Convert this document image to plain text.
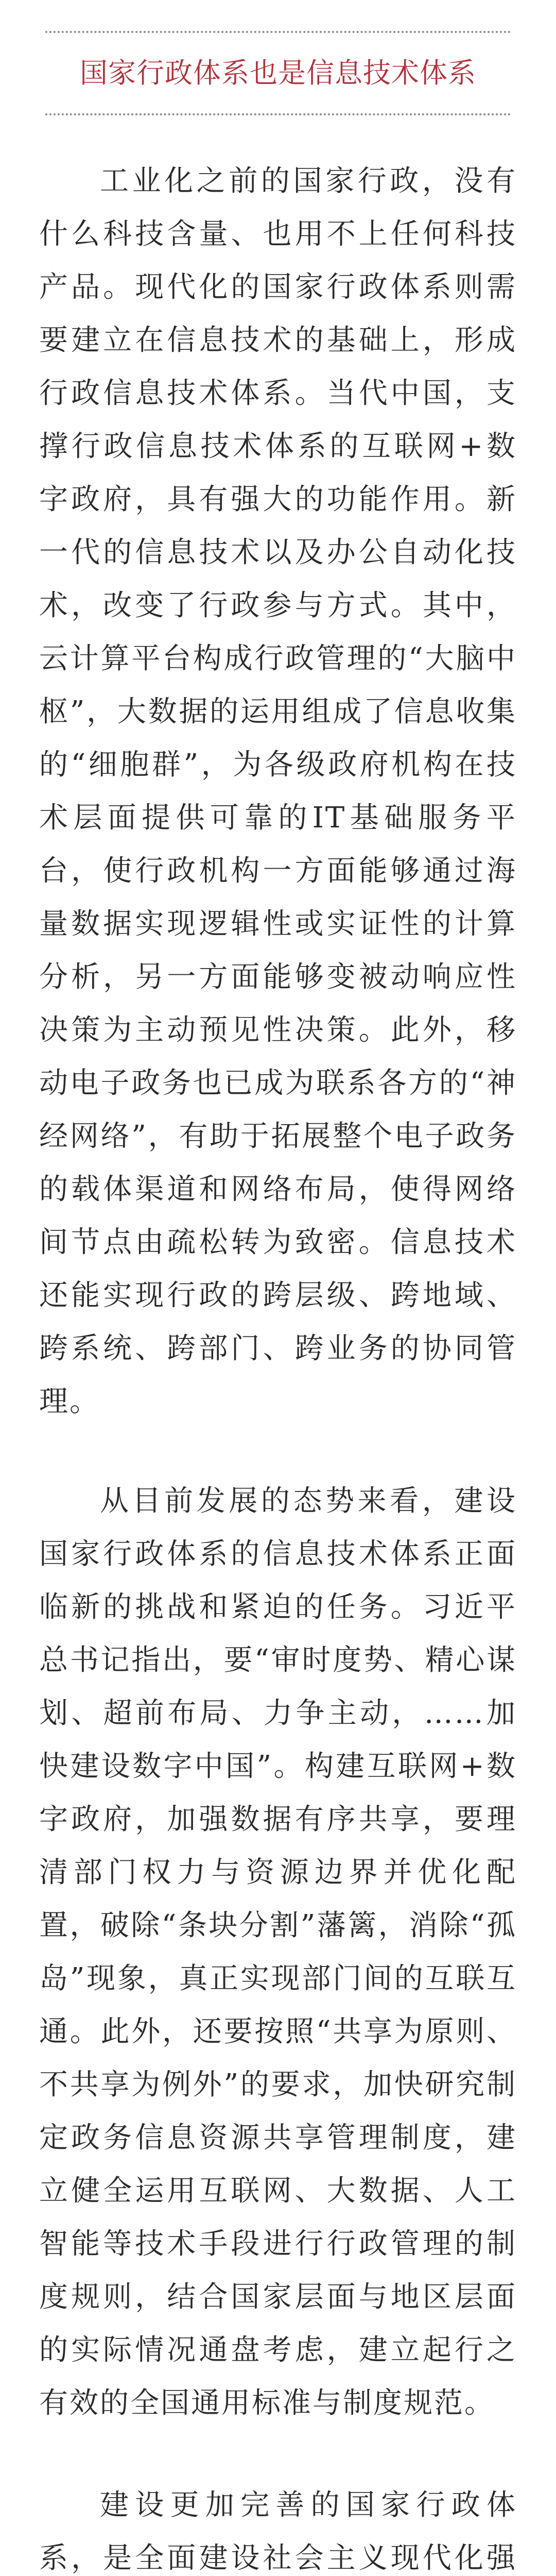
国家行政体系也是信息技术体系

工业化之前的国家行政，没有什么科技含量、也用不上任何科技产品。现代化的国家行政体系则需要建立在信息技术的基础上，形成行政信息技术体系。当代中国，支撑行政信息技术体系的互联网+数字政府，具有强大的功能作用。新一代的信息技术以及办公自动化技术，改变了行政参与方式。其中，云计算平台构成行政管理的“大脑中枢”，大数据的运用组成了信息收集的“细胞群”，为各级政府机构在技术层面提供可靠的IT基础服务平台，使行政机构一方面能够通过海量数据实现逻辑性或实证性的计算分析，另一方面能够变被动响应性决策为主动预见性决策。此外，移动电子政务也已成为联系各方的“神经网络”，有助于拓展整个电子政务的载体渠道和网络布局，使得网络间节点由疏松转为致密。信息技术还能实现行政的跨层级、跨地域、跨系统、跨部门、跨业务的协同管理。

从目前发展的态势来看，建设国家行政体系的信息技术体系正面临新的挑战和紧迫的任务。习近平总书记指出，要“审时度势、精心谋划、超前布局、力争主动，……加快建设数字中国”。构建互联网+数字政府，加强数据有序共享，要理清部门权力与资源边界并优化配置，破除“条块分割”藩篱，消除“孤岛”现象，真正实现部门间的互联互通。此外，还要按照“共享为原则、不共享为例外”的要求，加快研究制定政务信息资源共享管理制度，建立健全运用互联网、大数据、人工智能等技术手段进行行政管理的制度规则，结合国家层面与地区层面的实际情况通盘考虑，建立起行之有效的全国通用标准与制度规范。

建设更加完善的国家行政体系，是全面建设社会主义现代化强
